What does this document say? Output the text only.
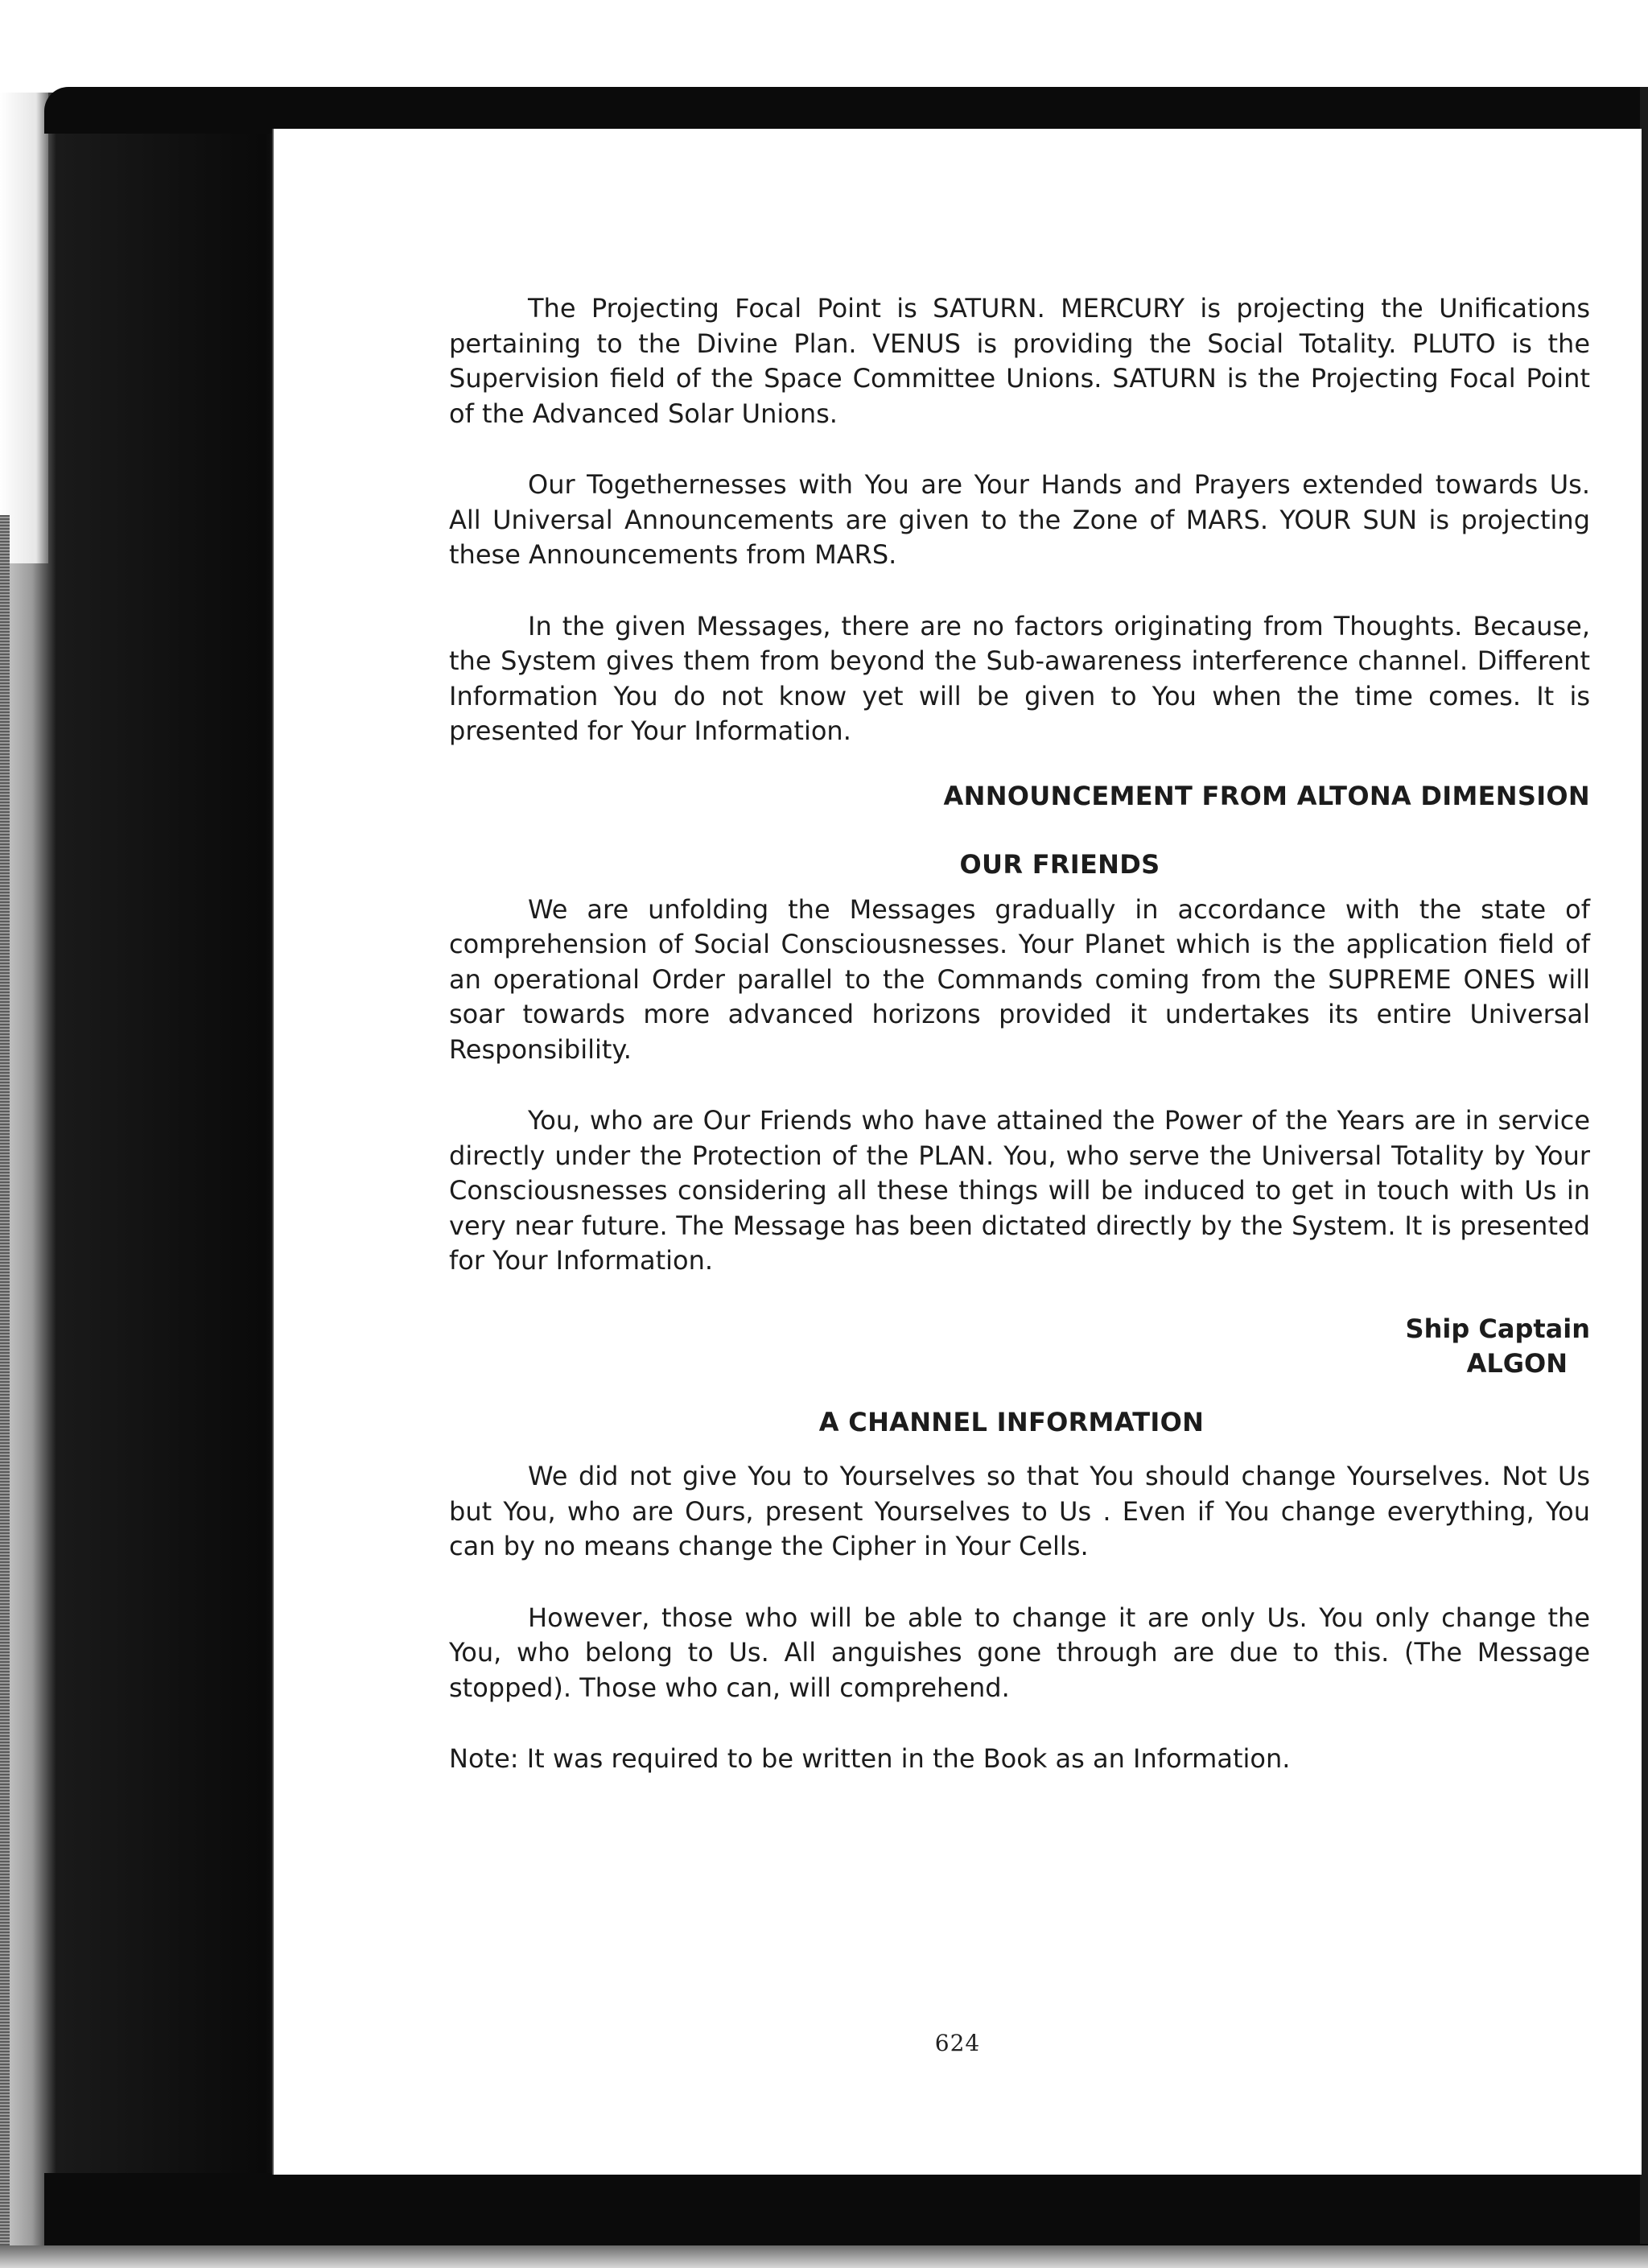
The Projecting Focal Point is SATURN. MERCURY is projecting the Unifications pertaining to the Divine Plan. VENUS is providing the Social Totality. PLUTO is the Supervision field of the Space Committee Unions. SATURN is the Projecting Focal Point of the Advanced Solar Unions.

Our Togethernesses with You are Your Hands and Prayers extended towards Us. All Universal Announcements are given to the Zone of MARS. YOUR SUN is projecting these Announcements from MARS.

In the given Messages, there are no factors originating from Thoughts. Because, the System gives them from beyond the Sub-awareness interference channel. Different Information You do not know yet will be given to You when the time comes. It is presented for Your Information.

ANNOUNCEMENT FROM ALTONA DIMENSION
OUR FRIENDS

We are unfolding the Messages gradually in accordance with the state of comprehension of Social Consciousnesses. Your Planet which is the application field of an operational Order parallel to the Commands coming from the SUPREME ONES will soar towards more advanced horizons provided it undertakes its entire Universal Responsibility.

You, who are Our Friends who have attained the Power of the Years are in service directly under the Protection of the PLAN. You, who serve the Universal Totality by Your Consciousnesses considering all these things will be induced to get in touch with Us in very near future. The Message has been dictated directly by the System. It is presented for Your Information.

Ship Captain
ALGON
A CHANNEL INFORMATION

We did not give You to Yourselves so that You should change Yourselves. Not Us but You, who are Ours, present Yourselves to Us . Even if You change everything, You can by no means change the Cipher in Your Cells.

However, those who will be able to change it are only Us. You only change the You, who belong to Us. All anguishes gone through are due to this. (The Message stopped). Those who can, will comprehend.

Note: It was required to be written in the Book as an Information.

624
